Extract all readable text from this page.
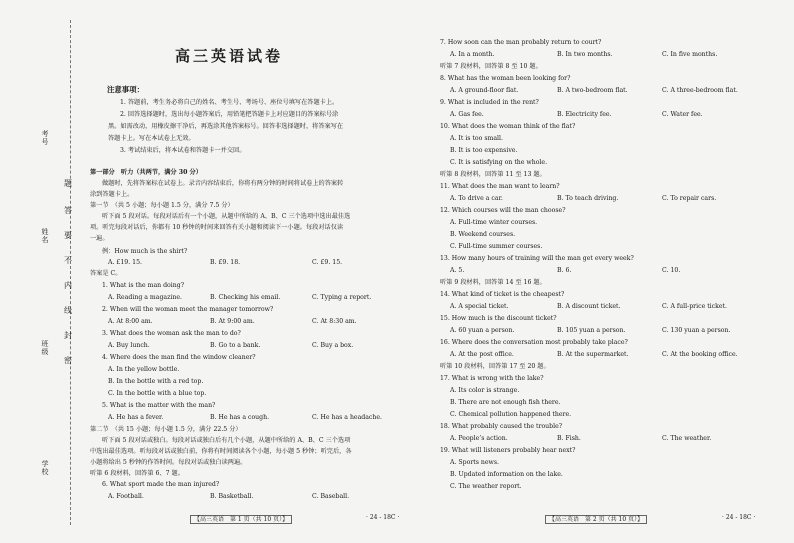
考号
姓名
班级
学校
题
答
要
不
内
线
封
密
高三英语试卷
注意事项：
1. 答题前，考生务必将自己的姓名、考生号、考场号、座位号填写在答题卡上。
2. 回答选择题时，选出每小题答案后，用铅笔把答题卡上对应题目的答案标号涂
黑。如需改动，用橡皮擦干净后，再选涂其他答案标号。回答非选择题时，将答案写在
答题卡上。写在本试卷上无效。
3. 考试结束后，将本试卷和答题卡一并交回。
第一部分　听力（共两节，满分 30 分）
做题时，先将答案标在试卷上。录音内容结束后，你将有两分钟的时间将试卷上的答案转
涂到答题卡上。
第一节　（共 5 小题；每小题 1.5 分，满分 7.5 分）
听下面 5 段对话。每段对话后有一个小题，从题中所给的 A、B、C 三个选项中选出最佳选
项。听完每段对话后，你都有 10 秒钟的时间来回答有关小题和阅读下一小题。每段对话仅读
一遍。
例：How much is the shirt?
A. £19. 15.	B. £9. 18.	C. £9. 15.
答案是 C。
1. What is the man doing?
A. Reading a magazine.	B. Checking his email.	C. Typing a report.
2. When will the woman meet the manager tomorrow?
A. At 8:00 am.	B. At 9:00 am.	C. At 8:30 am.
3. What does the woman ask the man to do?
A. Buy lunch.	B. Go to a bank.	C. Buy a box.
4. Where does the man find the window cleaner?
A. In the yellow bottle.
B. In the bottle with a red top.
C. In the bottle with a blue top.
5. What is the matter with the man?
A. He has a fever.	B. He has a cough.	C. He has a headache.
第二节　（共 15 小题；每小题 1.5 分，满分 22.5 分）
听下面 5 段对话或独白。每段对话或独白后有几个小题，从题中所给的 A、B、C 三个选项
中选出最佳选项。听每段对话或独白前，你将有时间阅读各个小题，每小题 5 秒钟；听完后，各
小题将给出 5 秒钟的作答时间。每段对话或独白读两遍。
听第 6 段材料，回答第 6、7 题。
6. What sport made the man injured?
A. Football.	B. Basketball.	C. Baseball.
7. How soon can the man probably return to court?
A. In a month.	B. In two months.	C. In five months.
听第 7 段材料，回答第 8 至 10 题。
8. What has the woman been looking for?
A. A ground-floor flat.	B. A two-bedroom flat.	C. A three-bedroom flat.
9. What is included in the rent?
A. Gas fee.	B. Electricity fee.	C. Water fee.
10. What does the woman think of the flat?
A. It is too small.
B. It is too expensive.
C. It is satisfying on the whole.
听第 8 段材料，回答第 11 至 13 题。
11. What does the man want to learn?
A. To drive a car.	B. To teach driving.	C. To repair cars.
12. Which courses will the man choose?
A. Full-time winter courses.
B. Weekend courses.
C. Full-time summer courses.
13. How many hours of training will the man get every week?
A. 5.	B. 6.	C. 10.
听第 9 段材料，回答第 14 至 16 题。
14. What kind of ticket is the cheapest?
A. A special ticket.	B. A discount ticket.	C. A full-price ticket.
15. How much is the discount ticket?
A. 60 yuan a person.	B. 105 yuan a person.	C. 130 yuan a person.
16. Where does the conversation most probably take place?
A. At the post office.	B. At the supermarket.	C. At the booking office.
听第 10 段材料，回答第 17 至 20 题。
17. What is wrong with the lake?
A. Its color is strange.
B. There are not enough fish there.
C. Chemical pollution happened there.
18. What probably caused the trouble?
A. People’s action.	B. Fish.	C. The weather.
19. What will listeners probably hear next?
A. Sports news.
B. Updated information on the lake.
C. The weather report.
【高三英语　第 1 页（共 10 页）】	· 24 - 18C ·	【高三英语　第 2 页（共 10 页）】	· 24 - 18C ·
